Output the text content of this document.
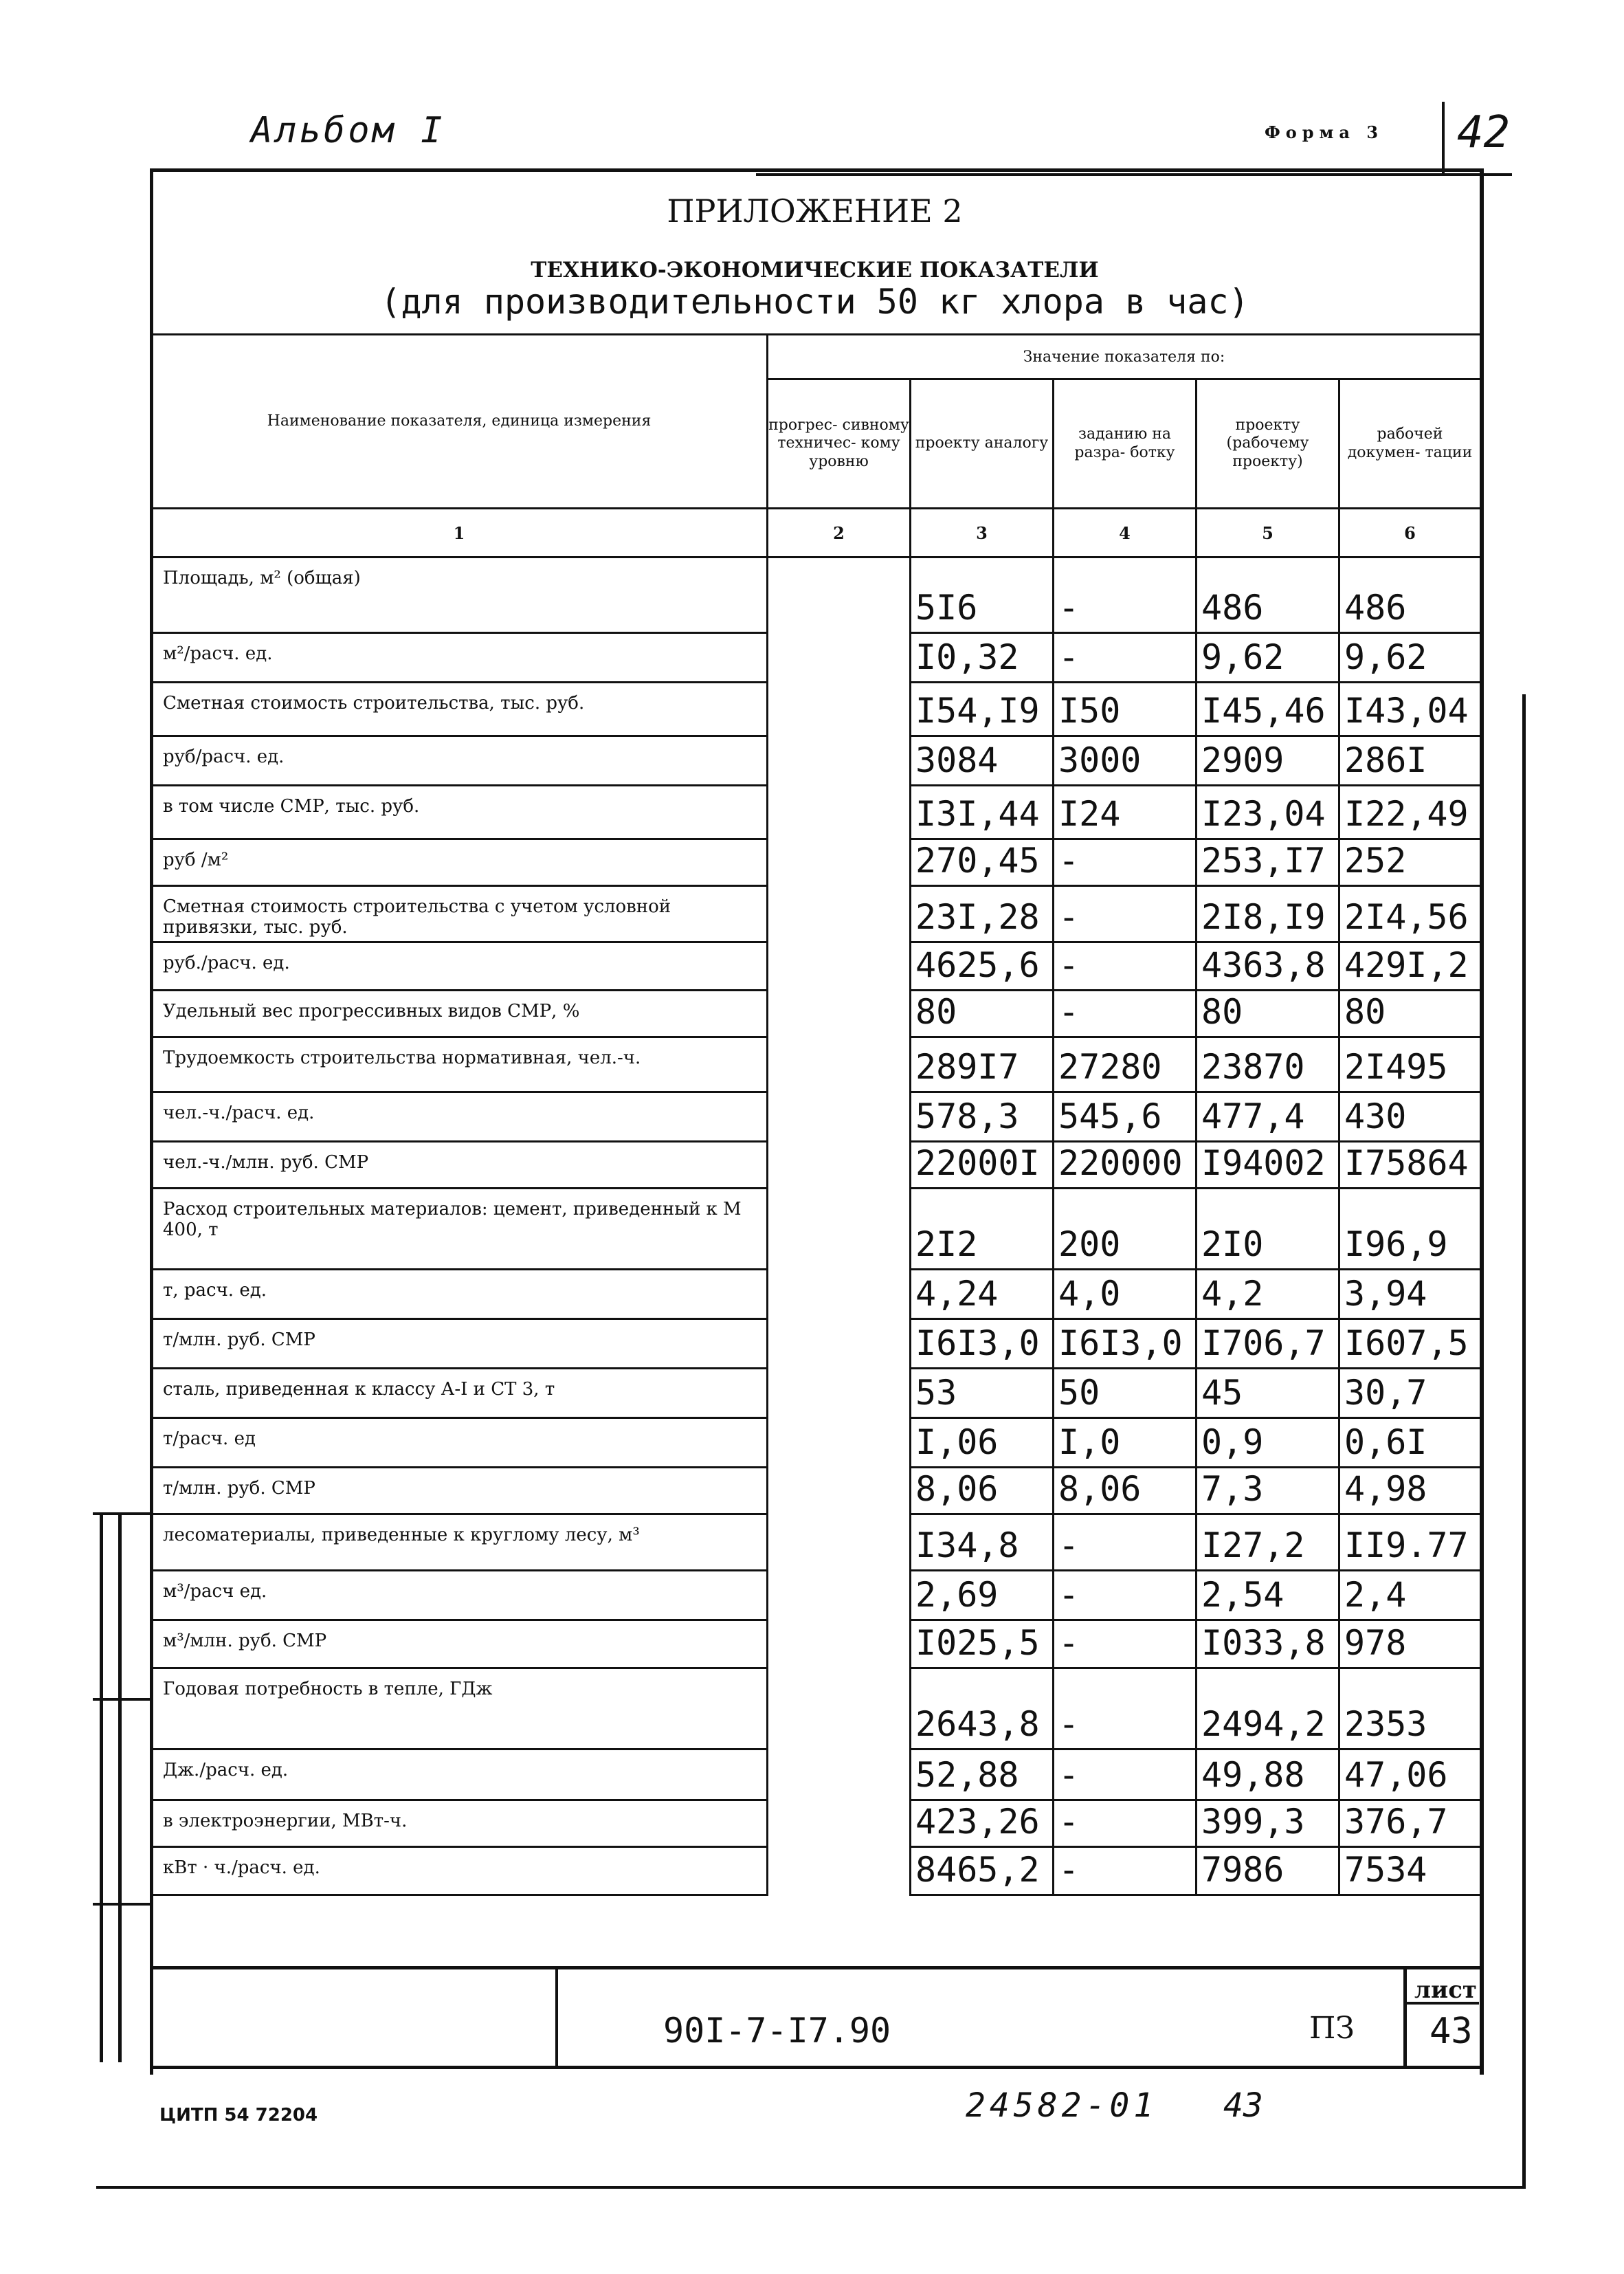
Альбом I	Форма 3 42
ПРИЛОЖЕНИЕ 2
ТЕХНИКО-ЭКОНОМИЧЕСКИЕ ПОКАЗАТЕЛИ
(для производительности 50 кг хлора в час)
Наименование показателя, единица измерения	Значение показателя по:				
	прогрес- сивному техничес- кому уровню	проекту аналогу	заданию на разра- ботку	проекту (рабочему проекту)	рабочей докумен- тации
1	2	3	4	5	6
Площадь, м² (общая)		5I6	-	486	486
м²/расч. ед.		I0,32	-	9,62	9,62
Сметная стоимость строительства, тыс. руб.		I54,I9	I50	I45,46	I43,04
руб/расч. ед.		3084	3000	2909	286I
в том числе СМР, тыс. руб.		I3I,44	I24	I23,04	I22,49
руб /м²		270,45	-	253,I7	252
Сметная стоимость строительства с учетом условной привязки, тыс. руб.		23I,28	-	2I8,I9	2I4,56
руб./расч. ед.		4625,6	-	4363,8	429I,2
Удельный вес прогрессивных видов СМР, %		80	-	80	80
Трудоемкость строительства нормативная, чел.-ч.		289I7	27280	23870	2I495
чел.-ч./расч. ед.		578,3	545,6	477,4	430
чел.-ч./млн. руб. СМР		22000I	220000	I94002	I75864
Расход строительных материалов: цемент, приведенный к М 400, т		2I2	200	2I0	I96,9
т, расч. ед.		4,24	4,0	4,2	3,94
т/млн. руб. СМР		I6I3,0	I6I3,0	I706,7	I607,5
сталь, приведенная к классу А-I и СТ 3, т		53	50	45	30,7
т/расч. ед		I,06	I,0	0,9	0,6I
т/млн. руб. СМР		8,06	8,06	7,3	4,98
лесоматериалы, приведенные к круглому лесу, м³		I34,8	-	I27,2	II9.77
м³/расч ед.		2,69	-	2,54	2,4
м³/млн. руб. СМР		I025,5	-	I033,8	978
Годовая потребность в тепле, ГДж		2643,8	-	2494,2	2353
Дж./расч. ед.		52,88	-	49,88	47,06
в электроэнергии, МВт-ч.		423,26	-	399,3	376,7
кВт · ч./расч. ед.		8465,2	-	7986	7534
90I-7-I7.90	ПЗ
лист
43
ЦИТП 54 72204	24582-01 43
